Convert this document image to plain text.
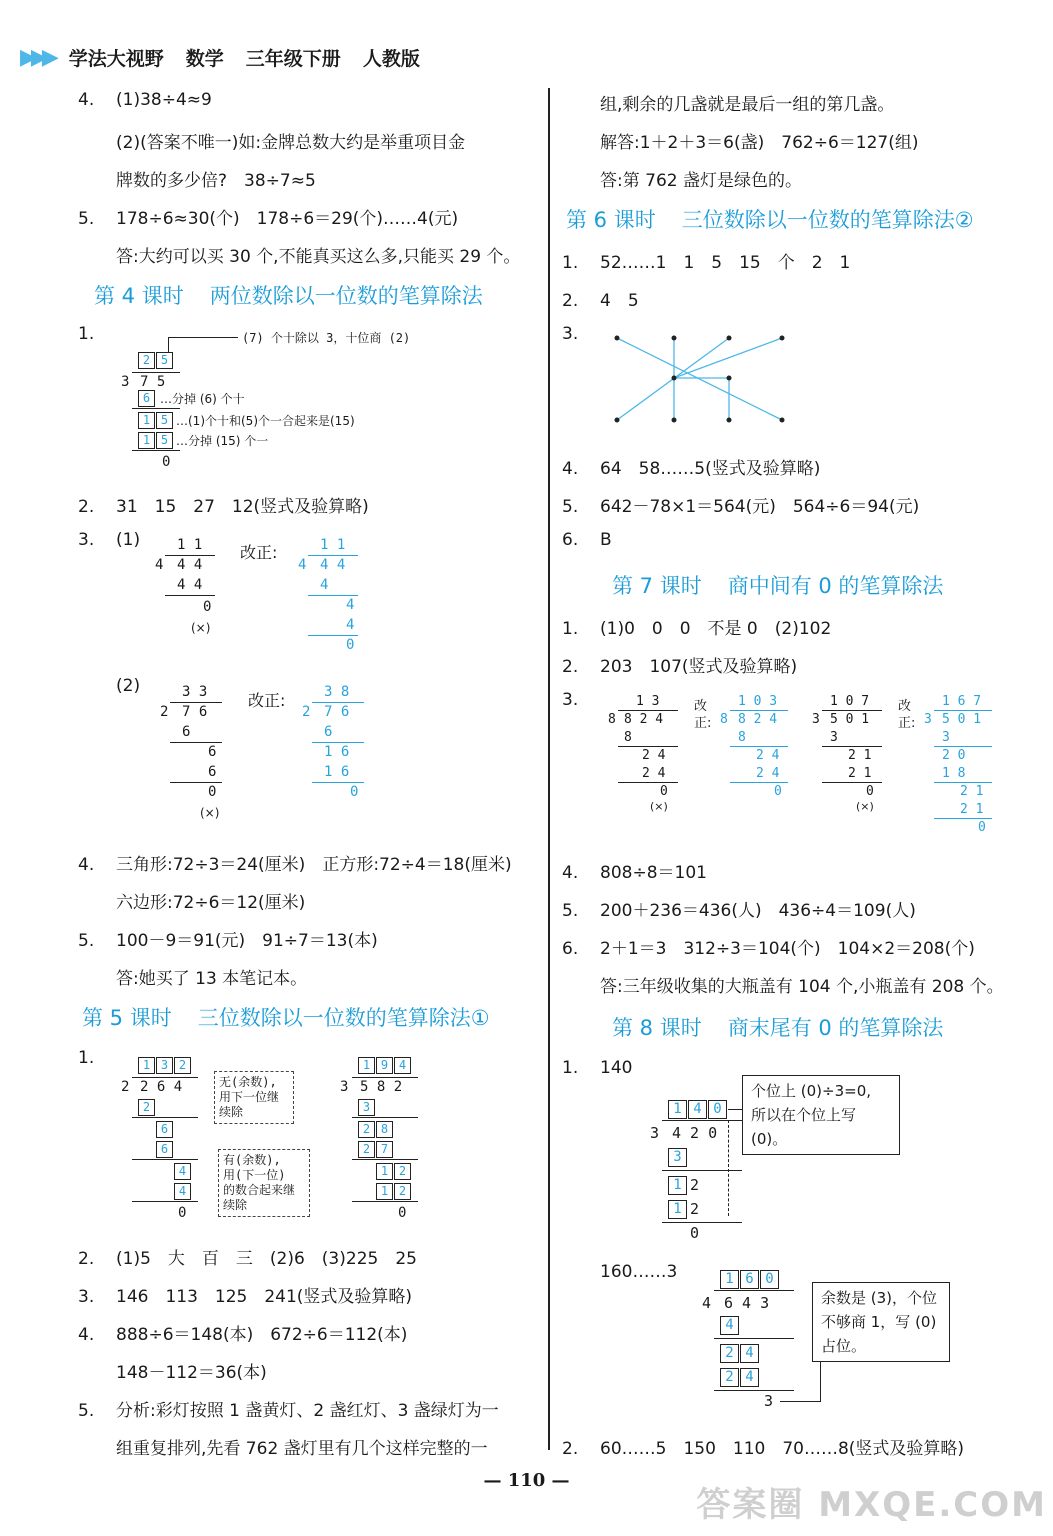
▶▶▶ 学法大视野 数学 三年级下册 人教版
4. (1)38÷4≈9
(2)(答案不唯一)如:金牌总数大约是举重项目金
牌数的多少倍?　38÷7≈5
5. 178÷6≈30(个)　178÷6＝29(个)……4(元)
答:大约可以买 30 个,不能真买这么多,只能买 29 个。
第 4 课时 两位数除以一位数的笔算除法
1.	(7) 个十除以 3，十位商 (2)
2 5
3 7 5
6 …分掉 (6) 个十
1 5 …(1)个十和(5)个一合起来是(15)
1 5 …分掉 (15) 个一
0
2. 31　15　27　12(竖式及验算略)
3. (1)	1 1
4 4 4
4 4
0
(×)
改正:	1 1
4 4 4
4
4
4
0
(2)	3 3
2 7 6
6
6
6
0
(×)
改正:	3 8
2 7 6
6
1 6
1 6
0
4. 三角形:72÷3＝24(厘米)　正方形:72÷4＝18(厘米)
六边形:72÷6＝12(厘米)
5. 100－9＝91(元)　91÷7＝13(本)
答:她买了 13 本笔记本。
第 5 课时 三位数除以一位数的笔算除法①
1.	1 3 2
2 2 6 4
2
6
6
4
4
0
无(余数),
用下一位继
续除
有(余数),
用(下一位)
的数合起来继
续除
1 9 4
3 5 8 2
3
2 8
2 7
1 2
1 2
0
2. (1)5　大　百　三　(2)6　(3)225　25
3. 146　113　125　241(竖式及验算略)
4. 888÷6＝148(本)　672÷6＝112(本)
148－112＝36(本)
5. 分析:彩灯按照 1 盏黄灯、2 盏红灯、3 盏绿灯为一
组重复排列,先看 762 盏灯里有几个这样完整的一
组,剩余的几盏就是最后一组的第几盏。
解答:1＋2＋3＝6(盏)　762÷6＝127(组)
答:第 762 盏灯是绿色的。
第 6 课时 三位数除以一位数的笔算除法②
1. 52……1　1　5　15　个　2　1
2. 4　5
3.
4. 64　58……5(竖式及验算略)
5. 642－78×1＝564(元)　564÷6＝94(元)
6. B
第 7 课时 商中间有 0 的笔算除法
1. (1)0　0　0　不是 0　(2)102
2. 203　107(竖式及验算略)
3.	1 3
8 8 2 4
8
2 4
2 4
0
(×)
改正:
1 0 3
8 8 2 4
8
2 4
2 4
0
1 0 7
3 5 0 1
3
2 1
2 1
0
(×)
改正:
1 6 7
3 5 0 1
3
2 0
1 8
2 1
2 1
0
4. 808÷8＝101
5. 200＋236＝436(人)　436÷4＝109(人)
6. 2＋1＝3　312÷3＝104(个)　104×2＝208(个)
答:三年级收集的大瓶盖有 104 个,小瓶盖有 208 个。
第 8 课时 商末尾有 0 的笔算除法
1. 140
1 4 0
3 4 2 0
3
1 2
1 2
0
个位上 (0)÷3=0,
所以在个位上写 (0)。
160……3	1 6 0
4 6 4 3
4
2 4
2 4
3
余数是 (3)，个位
不够商 1，写 (0)
占位。
2. 60……5　150　110　70……8(竖式及验算略)
— 110 —
答案圈 MXQE.COM
